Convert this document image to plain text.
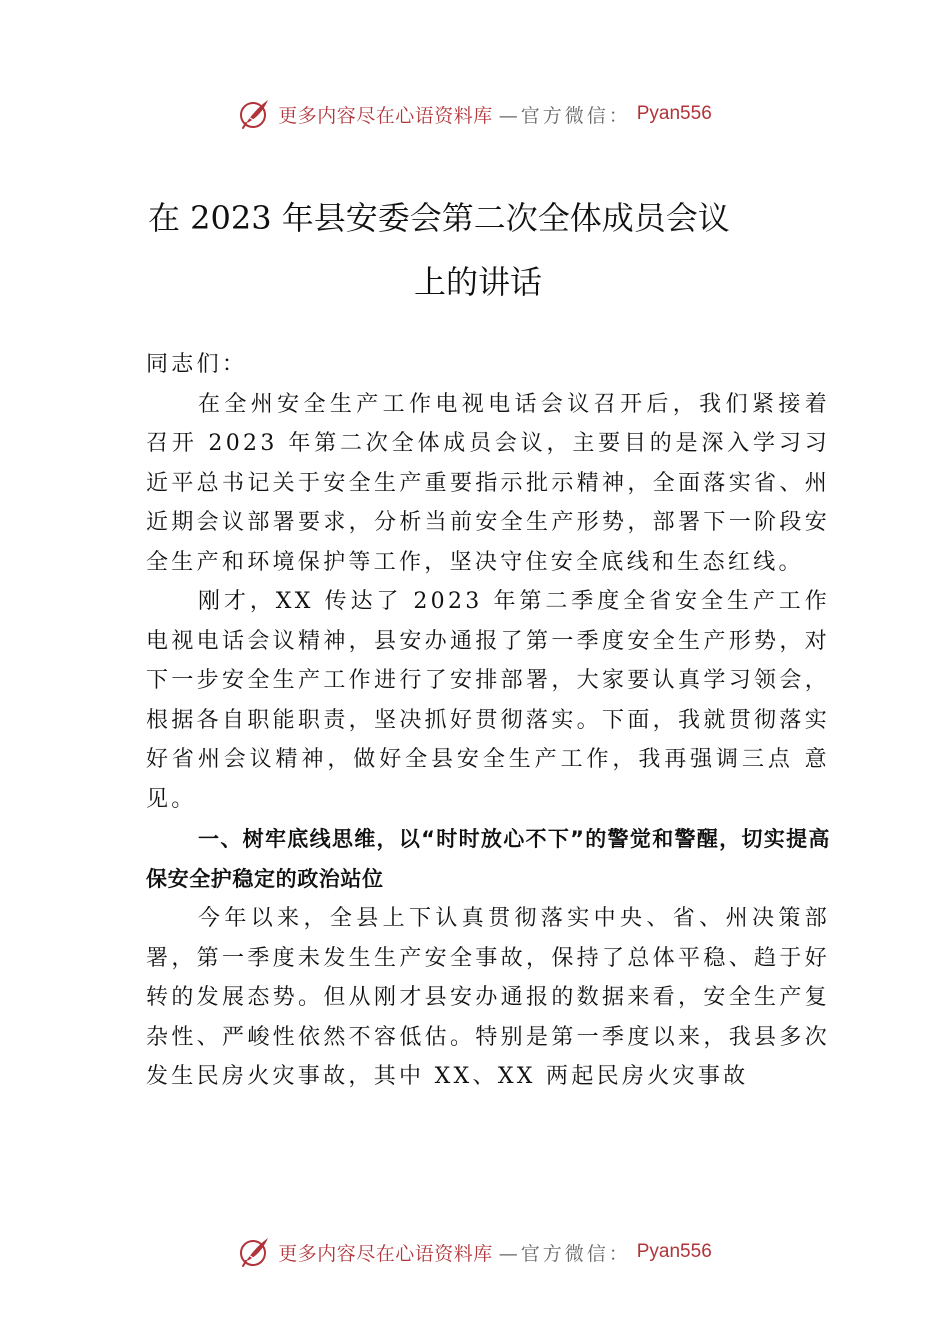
更多内容尽在心语资料库 —官方微信： Pyan556
在 2023 年县安委会第二次全体成员会议
上的讲话

同志们：

在全州安全生产工作电视电话会议召开后，我们紧接着召开 2023 年第二次全体成员会议，主要目的是深入学习习近平总书记关于安全生产重要指示批示精神，全面落实省、州近期会议部署要求，分析当前安全生产形势，部署下一阶段安全生产和环境保护等工作，坚决守住安全底线和生态红线。

刚才，XX 传达了 2023 年第二季度全省安全生产工作电视电话会议精神，县安办通报了第一季度安全生产形势，对下一步安全生产工作进行了安排部署，大家要认真学习领会，根据各自职能职责，坚决抓好贯彻落实。下面，我就贯彻落实好省州会议精神，做好全县安全生产工作，我再强调三点 意见。

一、树牢底线思维，以“时时放心不下”的警觉和警醒，切实提高保安全护稳定的政治站位

今年以来，全县上下认真贯彻落实中央、省、州决策部署，第一季度未发生生产安全事故，保持了总体平稳、趋于好转的发展态势。但从刚才县安办通报的数据来看，安全生产复杂性、严峻性依然不容低估。特别是第一季度以来，我县多次发生民房火灾事故，其中 XX、XX 两起民房火灾事故

更多内容尽在心语资料库 —官方微信： Pyan556
